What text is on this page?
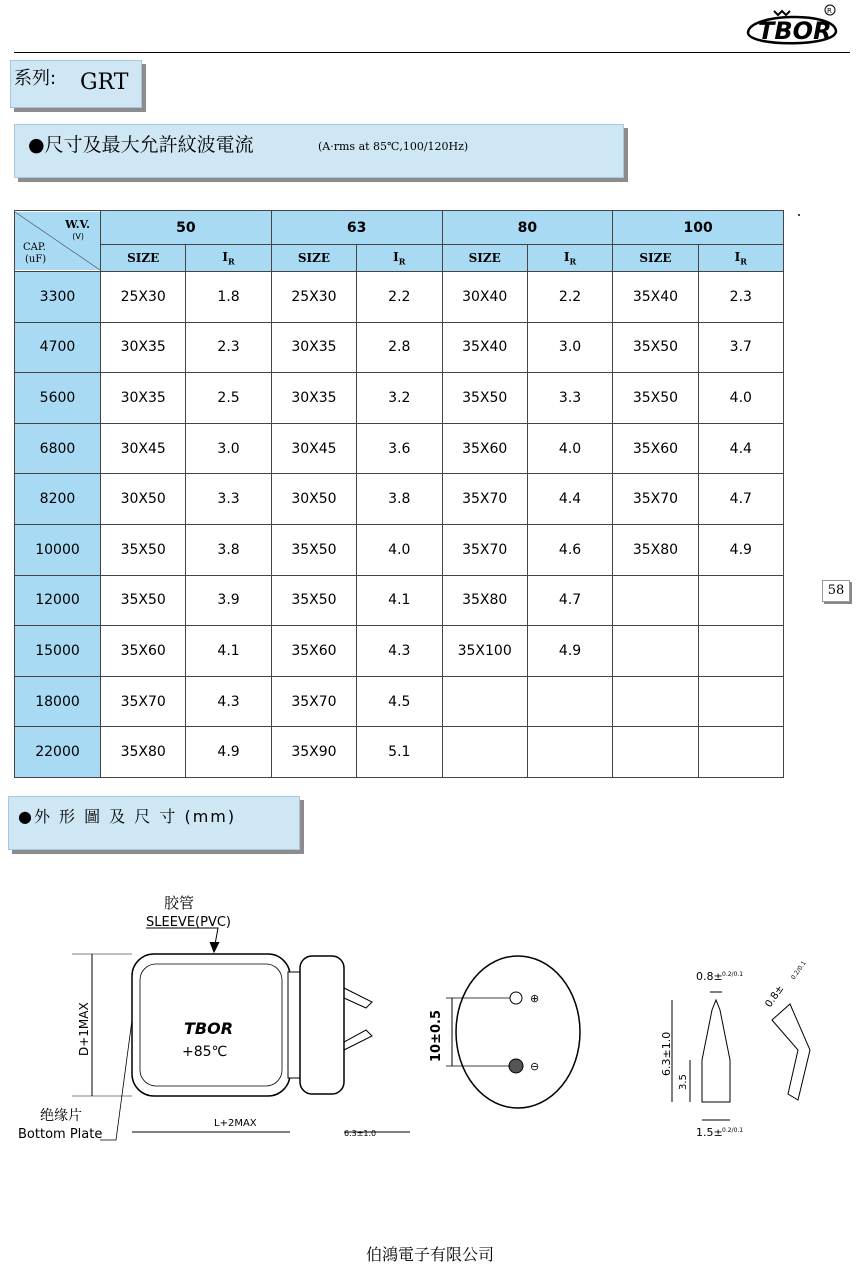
TBOR
R
系列: GRT
●尺寸及最大允許紋波電流	(A·rms at 85℃,100/120Hz)
W.V.
(V)
CAP.
(uF)	50		63		80		100	
	SIZE	$I_R$	SIZE	$I_R$	SIZE	$I_R$	SIZE	$I_R$
3300	25X30	1.8	25X30	2.2	30X40	2.2	35X40	2.3
4700	30X35	2.3	30X35	2.8	35X40	3.0	35X50	3.7
5600	30X35	2.5	30X35	3.2	35X50	3.3	35X50	4.0
6800	30X45	3.0	30X45	3.6	35X60	4.0	35X60	4.4
8200	30X50	3.3	30X50	3.8	35X70	4.4	35X70	4.7
10000	35X50	3.8	35X50	4.0	35X70	4.6	35X80	4.9
12000	35X50	3.9	35X50	4.1	35X80	4.7		
15000	35X60	4.1	35X60	4.3	35X100	4.9		
18000	35X70	4.3	35X70	4.5				
22000	35X80	4.9	35X90	5.1				
58
●外 形 圖 及 尺 寸 (mm)
胶管
SLEEVE(PVC)
TBOR
+85℃
D+1MAX
绝缘片
Bottom Plate
L+2MAX
6.3±1.0
⊕
⊖
10±0.5
0.8± 0.2/0.1
6.3±1.0
3.5
1.5± 0.2/0.1
0.8±
0.2/0.1
伯鴻電子有限公司
